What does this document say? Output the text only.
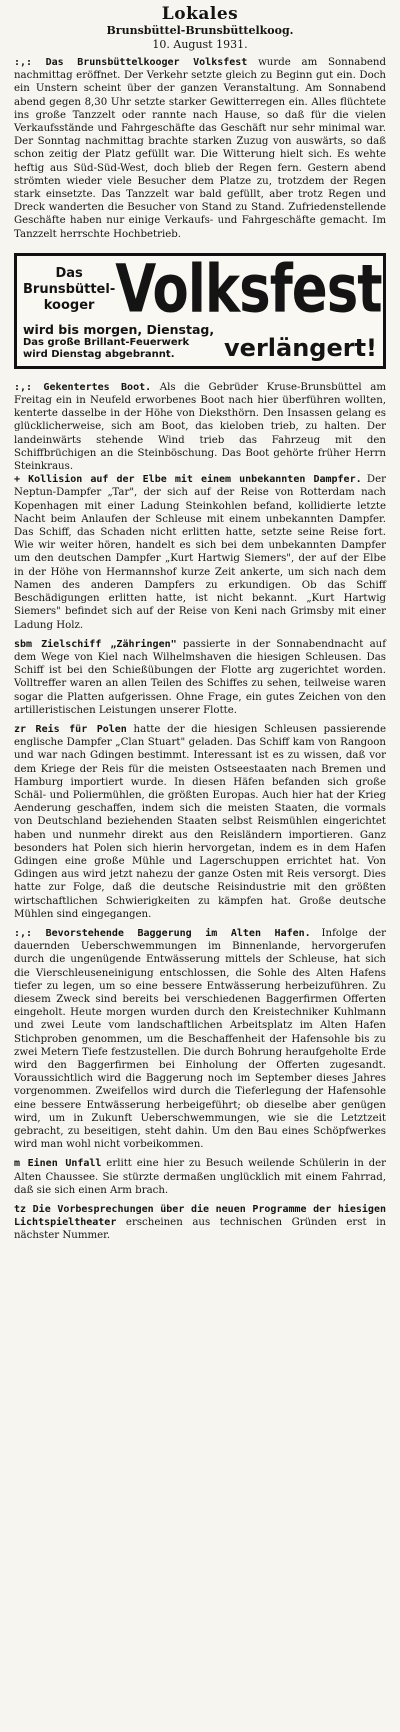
Lokales
Brunsbüttel-Brunsbüttelkoog.
10. August 1931.

:,: Das Brunsbüttelkooger Volksfest wurde am Sonnabend nachmittag eröffnet. Der Verkehr setzte gleich zu Beginn gut ein. Doch ein Unstern scheint über der ganzen Veranstaltung. Am Sonnabend abend gegen 8,30 Uhr setzte starker Gewitterregen ein. Alles flüchtete ins große Tanzzelt oder rannte nach Hause, so daß für die vielen Verkaufsstände und Fahrgeschäfte das Geschäft nur sehr minimal war. Der Sonntag nachmittag brachte starken Zuzug von auswärts, so daß schon zeitig der Platz gefüllt war. Die Witterung hielt sich. Es wehte heftig aus Süd-Süd-West, doch blieb der Regen fern. Gestern abend strömten wieder viele Besucher dem Platze zu, trotzdem der Regen stark einsetzte. Das Tanzzelt war bald gefüllt, aber trotz Regen und Dreck wanderten die Besucher von Stand zu Stand. Zufriedenstellende Geschäfte haben nur einige Verkaufs- und Fahrgeschäfte gemacht. Im Tanzzelt herrschte Hochbetrieb.

Das
Brunsbüttel-
kooger Volksfest
wird bis morgen, Dienstag,
Das große Brillant-Feuerwerk
wird Dienstag abgebrannt.	verlängert!

:,: Gekentertes Boot. Als die Gebrüder Kruse-Brunsbüttel am Freitag ein in Neufeld erworbenes Boot nach hier überführen wollten, kenterte dasselbe in der Höhe von Dieksthörn. Den Insassen gelang es glücklicherweise, sich am Boot, das kieloben trieb, zu halten. Der landeinwärts stehende Wind trieb das Fahrzeug mit den Schiffbrüchigen an die Steinböschung. Das Boot gehörte früher Herrn Steinkraus.

+ Kollision auf der Elbe mit einem unbekannten Dampfer. Der Neptun-Dampfer „Tar", der sich auf der Reise von Rotterdam nach Kopenhagen mit einer Ladung Steinkohlen befand, kollidierte letzte Nacht beim Anlaufen der Schleuse mit einem unbekannten Dampfer. Das Schiff, das Schaden nicht erlitten hatte, setzte seine Reise fort. Wie wir weiter hören, handelt es sich bei dem unbekannten Dampfer um den deutschen Dampfer „Kurt Hartwig Siemers", der auf der Elbe in der Höhe von Hermannshof kurze Zeit ankerte, um sich nach dem Namen des anderen Dampfers zu erkundigen. Ob das Schiff Beschädigungen erlitten hatte, ist nicht bekannt. „Kurt Hartwig Siemers" befindet sich auf der Reise von Keni nach Grimsby mit einer Ladung Holz.

sbm Zielschiff „Zähringen" passierte in der Sonnabendnacht auf dem Wege von Kiel nach Wilhelmshaven die hiesigen Schleusen. Das Schiff ist bei den Schießübungen der Flotte arg zugerichtet worden. Volltreffer waren an allen Teilen des Schiffes zu sehen, teilweise waren sogar die Platten aufgerissen. Ohne Frage, ein gutes Zeichen von den artilleristischen Leistungen unserer Flotte.

zr Reis für Polen hatte der die hiesigen Schleusen passierende englische Dampfer „Clan Stuart" geladen. Das Schiff kam von Rangoon und war nach Gdingen bestimmt. Interessant ist es zu wissen, daß vor dem Kriege der Reis für die meisten Ostseestaaten nach Bremen und Hamburg importiert wurde. In diesen Häfen befanden sich große Schäl- und Poliermühlen, die größten Europas. Auch hier hat der Krieg Aenderung geschaffen, indem sich die meisten Staaten, die vormals von Deutschland beziehenden Staaten selbst Reismühlen eingerichtet haben und nunmehr direkt aus den Reisländern importieren. Ganz besonders hat Polen sich hierin hervorgetan, indem es in dem Hafen Gdingen eine große Mühle und Lagerschuppen errichtet hat. Von Gdingen aus wird jetzt nahezu der ganze Osten mit Reis versorgt. Dies hatte zur Folge, daß die deutsche Reisindustrie mit den größten wirtschaftlichen Schwierigkeiten zu kämpfen hat. Große deutsche Mühlen sind eingegangen.

:,: Bevorstehende Baggerung im Alten Hafen. Infolge der dauernden Ueberschwemmungen im Binnenlande, hervorgerufen durch die ungenügende Entwässerung mittels der Schleuse, hat sich die Vierschleuseneinigung entschlossen, die Sohle des Alten Hafens tiefer zu legen, um so eine bessere Entwässerung herbeizuführen. Zu diesem Zweck sind bereits bei verschiedenen Baggerfirmen Offerten eingeholt. Heute morgen wurden durch den Kreistechniker Kuhlmann und zwei Leute vom landschaftlichen Arbeitsplatz im Alten Hafen Stichproben genommen, um die Beschaffenheit der Hafensohle bis zu zwei Metern Tiefe festzustellen. Die durch Bohrung heraufgeholte Erde wird den Baggerfirmen bei Einholung der Offerten zugesandt. Voraussichtlich wird die Baggerung noch im September dieses Jahres vorgenommen. Zweifellos wird durch die Tieferlegung der Hafensohle eine bessere Entwässerung herbeigeführt; ob dieselbe aber genügen wird, um in Zukunft Ueberschwemmungen, wie sie die Letztzeit gebracht, zu beseitigen, steht dahin. Um den Bau eines Schöpfwerkes wird man wohl nicht vorbeikommen.

m Einen Unfall erlitt eine hier zu Besuch weilende Schülerin in der Alten Chaussee. Sie stürzte dermaßen unglücklich mit einem Fahrrad, daß sie sich einen Arm brach.

tz Die Vorbesprechungen über die neuen Programme der hiesigen Lichtspieltheater erscheinen aus technischen Gründen erst in nächster Nummer.
